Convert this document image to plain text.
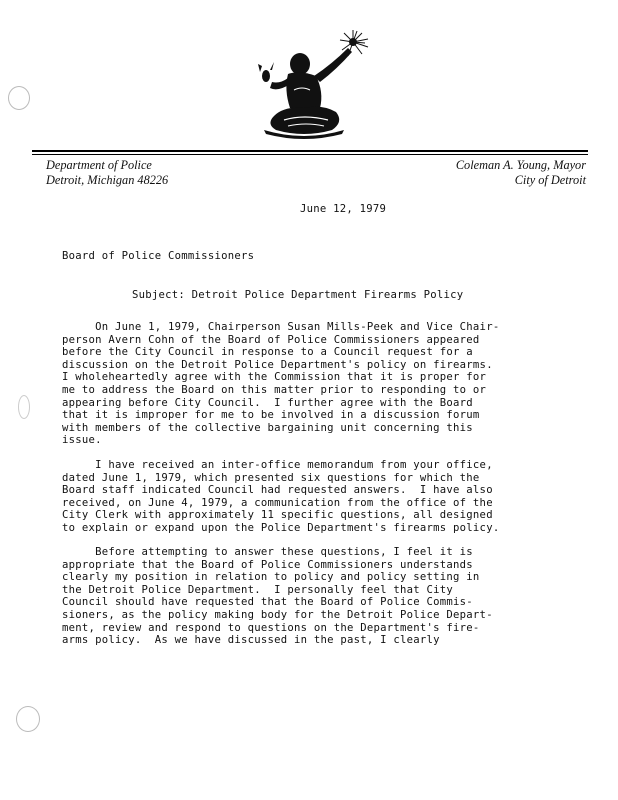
Department of Police
Detroit, Michigan 48226
Coleman A. Young, Mayor
City of Detroit
June 12, 1979
Board of Police Commissioners
Subject: Detroit Police Department Firearms Policy
On June 1, 1979, Chairperson Susan Mills-Peek and Vice Chair-
person Avern Cohn of the Board of Police Commissioners appeared
before the City Council in response to a Council request for a
discussion on the Detroit Police Department's policy on firearms.
I wholeheartedly agree with the Commission that it is proper for
me to address the Board on this matter prior to responding to or
appearing before City Council.  I further agree with the Board
that it is improper for me to be involved in a discussion forum
with members of the collective bargaining unit concerning this
issue.
I have received an inter-office memorandum from your office,
dated June 1, 1979, which presented six questions for which the
Board staff indicated Council had requested answers.  I have also
received, on June 4, 1979, a communication from the office of the
City Clerk with approximately 11 specific questions, all designed
to explain or expand upon the Police Department's firearms policy.
Before attempting to answer these questions, I feel it is
appropriate that the Board of Police Commissioners understands
clearly my position in relation to policy and policy setting in
the Detroit Police Department.  I personally feel that City
Council should have requested that the Board of Police Commis-
sioners, as the policy making body for the Detroit Police Depart-
ment, review and respond to questions on the Department's fire-
arms policy.  As we have discussed in the past, I clearly
